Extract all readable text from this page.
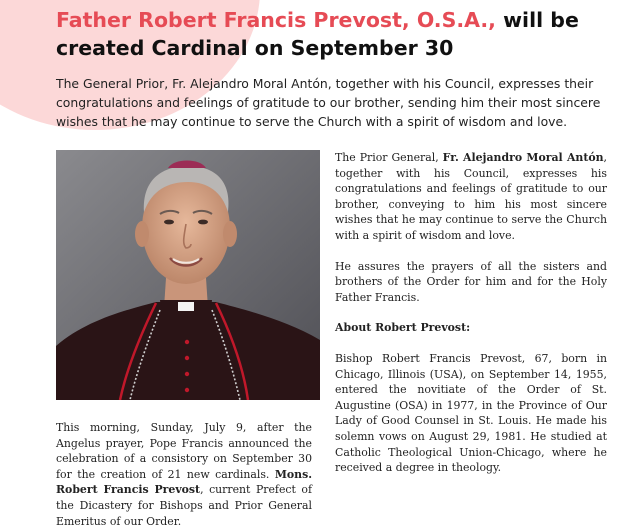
Father Robert Francis Prevost, O.S.A., will be created Cardinal on September 30

The General Prior, Fr. Alejandro Moral Antón, together with his Council, expresses their congratulations and feelings of gratitude to our brother, sending him their most sincere wishes that he may continue to serve the Church with a spirit of wisdom and love.

This morning, Sunday, July 9, after the Angelus prayer, Pope Francis announced the celebration of a consistory on September 30 for the creation of 21 new cardinals. Mons. Robert Francis Prevost, current Prefect of the Dicastery for Bishops and Prior General Emeritus of our Order.

The Prior General, Fr. Alejandro Moral Antón, together with his Council, expresses his congratulations and feelings of gratitude to our brother, conveying to him his most sincere wishes that he may continue to serve the Church with a spirit of wisdom and love.

He assures the prayers of all the sisters and brothers of the Order for him and for the Holy Father Francis.

About Robert Prevost:

Bishop Robert Francis Prevost, 67, born in Chicago, Illinois (USA), on September 14, 1955, entered the novitiate of the Order of St. Augustine (OSA) in 1977, in the Province of Our Lady of Good Counsel in St. Louis. He made his solemn vows on August 29, 1981. He studied at Catholic Theological Union-Chicago, where he received a degree in theology.
